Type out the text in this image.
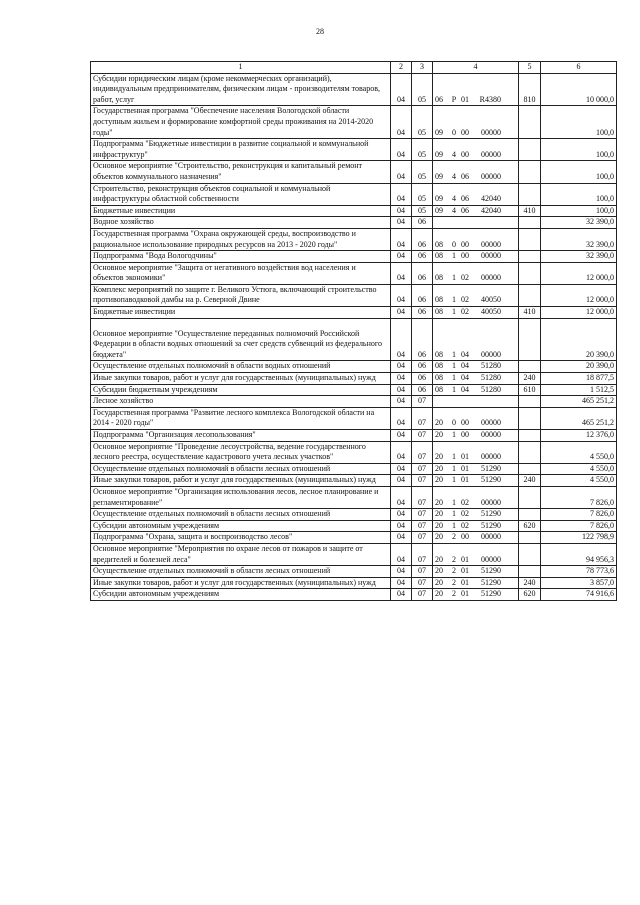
28
1	2	3	4	5	6
Субсидии юридическим лицам (кроме некоммерческих организаций), индивидуальным предпринимателям, физическим лицам - производителям товаров, работ, услуг	04	05	06 Р 01 R4380	810	10 000,0
Государственная программа "Обеспечение населения Вологодской области доступным жильем и формирование комфортной среды проживания на 2014-2020 годы"	04	05	09 0 00 00000		100,0
Подпрограмма "Бюджетные инвестиции в развитие социальной и коммунальной инфраструктур"	04	05	09 4 00 00000		100,0
Основное мероприятие "Строительство, реконструкция и капитальный ремонт объектов коммунального назначения"	04	05	09 4 06 00000		100,0
Строительство, реконструкция объектов социальной и коммунальной инфраструктуры областной собственности	04	05	09 4 06 42040		100,0
Бюджетные инвестиции	04	05	09 4 06 42040	410	100,0
Водное хозяйство	04	06			32 390,0
Государственная программа "Охрана окружающей среды, воспроизводство и рациональное использование природных ресурсов на 2013 - 2020 годы"	04	06	08 0 00 00000		32 390,0
Подпрограмма "Вода Вологодчины"	04	06	08 1 00 00000		32 390,0
Основное мероприятие "Защита от негативного воздействия вод населения и объектов экономики"	04	06	08 1 02 00000		12 000,0
Комплекс мероприятий по защите г. Великого Устюга, включающий строительство противопаводковой дамбы на р. Северной Двине	04	06	08 1 02 40050		12 000,0
Бюджетные инвестиции	04	06	08 1 02 40050	410	12 000,0
Основное мероприятие "Осуществление переданных полномочий Российской Федерации в области водных отношений за счет средств субвенций из федерального бюджета"	04	06	08 1 04 00000		20 390,0
Осуществление отдельных полномочий в области водных отношений	04	06	08 1 04 51280		20 390,0
Иные закупки товаров, работ и услуг для государственных (муниципальных) нужд	04	06	08 1 04 51280	240	18 877,5
Субсидии бюджетным учреждениям	04	06	08 1 04 51280	610	1 512,5
Лесное хозяйство	04	07			465 251,2
Государственная программа "Развитие лесного комплекса Вологодской области на 2014 - 2020 годы"	04	07	20 0 00 00000		465 251,2
Подпрограмма "Организация лесопользования"	04	07	20 1 00 00000		12 376,0
Основное мероприятие "Проведение лесоустройства, ведение государственного лесного реестра, осуществление кадастрового учета лесных участков"	04	07	20 1 01 00000		4 550,0
Осуществление отдельных полномочий в области лесных отношений	04	07	20 1 01 51290		4 550,0
Иные закупки товаров, работ и услуг для государственных (муниципальных) нужд	04	07	20 1 01 51290	240	4 550,0
Основное мероприятие "Организация использования лесов, лесное планирование и регламентирование"	04	07	20 1 02 00000		7 826,0
Осуществление отдельных полномочий в области лесных отношений	04	07	20 1 02 51290		7 826,0
Субсидии автономным учреждениям	04	07	20 1 02 51290	620	7 826,0
Подпрограмма "Охрана, защита и воспроизводство лесов"	04	07	20 2 00 00000		122 798,9
Основное мероприятие "Мероприятия по охране лесов от пожаров и защите от вредителей и болезней леса"	04	07	20 2 01 00000		94 956,3
Осуществление отдельных полномочий в области лесных отношений	04	07	20 2 01 51290		78 773,6
Иные закупки товаров, работ и услуг для государственных (муниципальных) нужд	04	07	20 2 01 51290	240	3 857,0
Субсидии автономным учреждениям	04	07	20 2 01 51290	620	74 916,6
